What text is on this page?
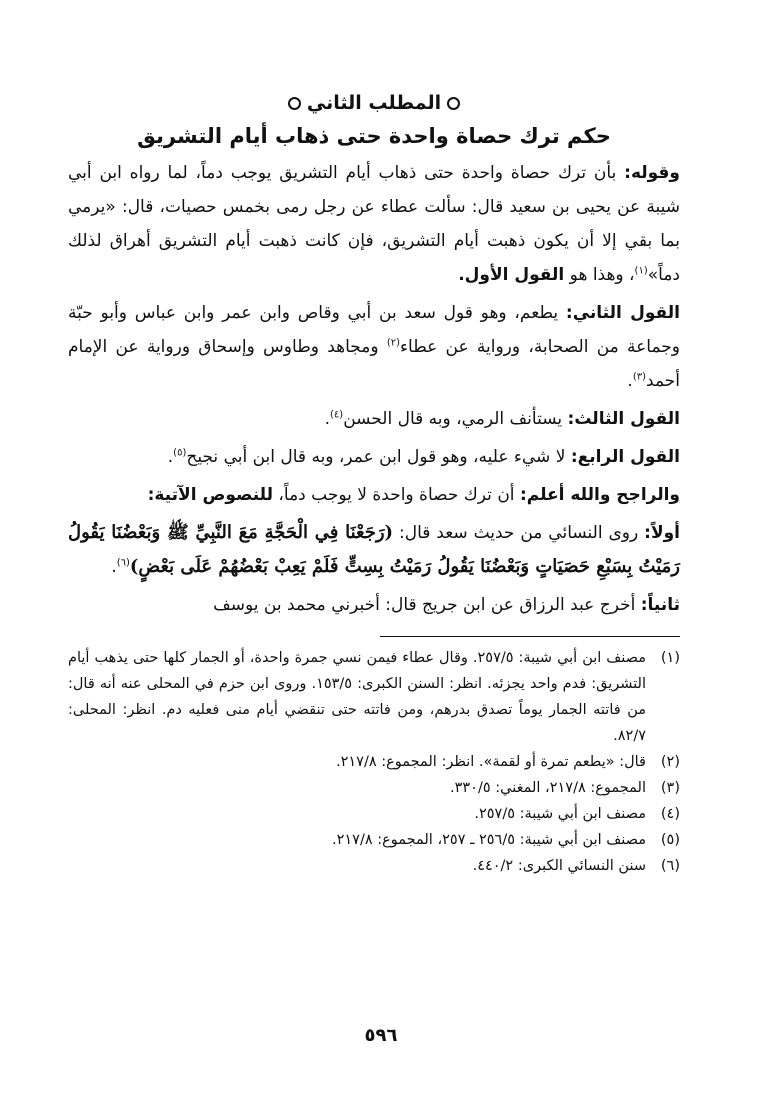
المطلب الثاني
حكم ترك حصاة واحدة حتى ذهاب أيام التشريق

وقوله: بأن ترك حصاة واحدة حتى ذهاب أيام التشريق يوجب دماً، لما رواه ابن أبي شيبة عن يحيى بن سعيد قال: سألت عطاء عن رجل رمى بخمس حصيات، قال: «يرمي بما بقي إلا أن يكون ذهبت أيام التشريق، فإن كانت ذهبت أيام التشريق أهراق لذلك دماً»$^{(١)}$، وهذا هو القول الأول.

القول الثاني: يطعم، وهو قول سعد بن أبي وقاص وابن عمر وابن عباس وأبو حبّة وجماعة من الصحابة، ورواية عن عطاء$^{(٢)}$ ومجاهد وطاوس وإسحاق ورواية عن الإمام أحمد$^{(٣)}$.

القول الثالث: يستأنف الرمي، وبه قال الحسن$^{(٤)}$.

القول الرابع: لا شيء عليه، وهو قول ابن عمر، وبه قال ابن أبي نجيح$^{(٥)}$.

والراجح والله أعلم: أن ترك حصاة واحدة لا يوجب دماً، للنصوص الآتية:

أولاً: روى النسائي من حديث سعد قال: (رَجَعْنَا فِي الْحَجَّةِ مَعَ النَّبِيِّ ﷺ وَبَعْضُنَا يَقُولُ رَمَيْتُ بِسَبْعِ حَصَيَاتٍ وَبَعْضُنَا يَقُولُ رَمَيْتُ بِسِتٍّ فَلَمْ يَعِبْ بَعْضُهُمْ عَلَى بَعْضٍ)$^{(٦)}$.

ثانياً: أخرج عبد الرزاق عن ابن جريج قال: أخبرني محمد بن يوسف

(١)
مصنف ابن أبي شيبة: ٢٥٧/٥. وقال عطاء فيمن نسي جمرة واحدة، أو الجمار كلها حتى يذهب أيام التشريق: فدم واحد يجزئه. انظر: السنن الكبرى: ١٥٣/٥. وروى ابن حزم في المحلى عنه أنه قال: من فاتته الجمار يوماً تصدق بدرهم، ومن فاتته حتى تنقضي أيام منى فعليه دم. انظر: المحلى: ٨٢/٧.
(٢)
قال: «يطعم تمرة أو لقمة». انظر: المجموع: ٢١٧/٨.
(٣)
المجموع: ٢١٧/٨، المغني: ٣٣٠/٥.
(٤)
مصنف ابن أبي شيبة: ٢٥٧/٥.
(٥)
مصنف ابن أبي شيبة: ٢٥٦/٥ ـ ٢٥٧، المجموع: ٢١٧/٨.
(٦)
سنن النسائي الكبرى: ٤٤٠/٢.
٥٩٦
